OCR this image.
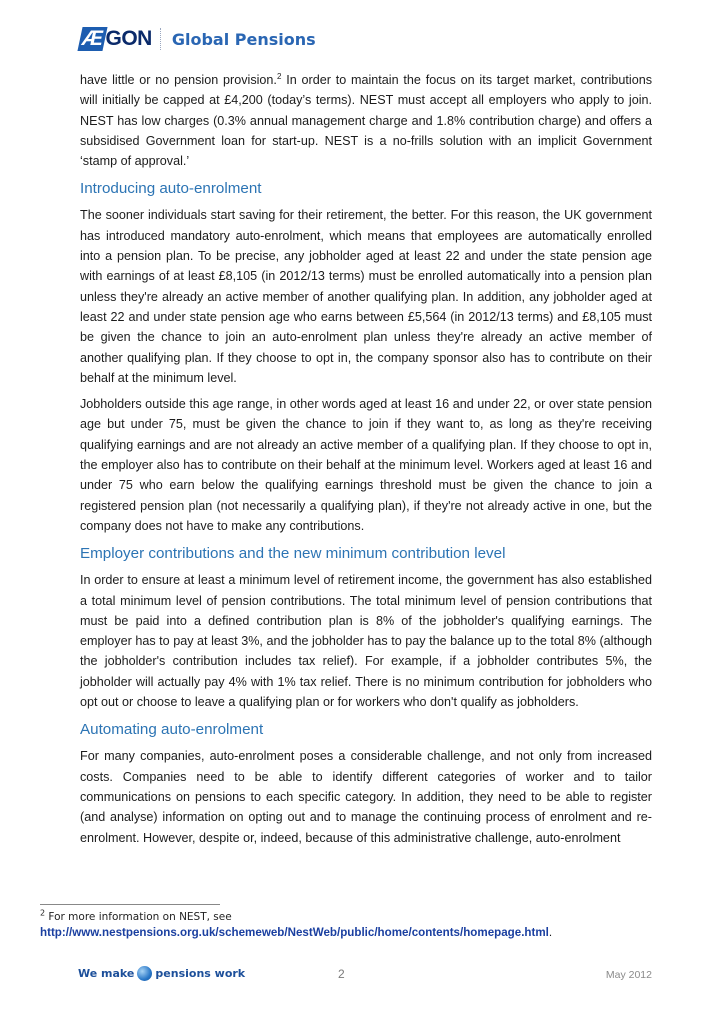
ÆGON Global Pensions

have little or no pension provision.$^2$ In order to maintain the focus on its target market, contributions will initially be capped at £4,200 (today’s terms). NEST must accept all employers who apply to join. NEST has low charges (0.3% annual management charge and 1.8% contribution charge) and offers a subsidised Government loan for start-up. NEST is a no-frills solution with an implicit Government ‘stamp of approval.’

Introducing auto-enrolment

The sooner individuals start saving for their retirement, the better. For this reason, the UK government has introduced mandatory auto-enrolment, which means that employees are automatically enrolled into a pension plan. To be precise, any jobholder aged at least 22 and under the state pension age with earnings of at least £8,105 (in 2012/13 terms) must be enrolled automatically into a pension plan unless they're already an active member of another qualifying plan. In addition, any jobholder aged at least 22 and under state pension age who earns between £5,564 (in 2012/13 terms) and £8,105 must be given the chance to join an auto-enrolment plan unless they're already an active member of another qualifying plan. If they choose to opt in, the company sponsor also has to contribute on their behalf at the minimum level.

Jobholders outside this age range, in other words aged at least 16 and under 22, or over state pension age but under 75, must be given the chance to join if they want to, as long as they're receiving qualifying earnings and are not already an active member of a qualifying plan. If they choose to opt in, the employer also has to contribute on their behalf at the minimum level. Workers aged at least 16 and under 75 who earn below the qualifying earnings threshold must be given the chance to join a registered pension plan (not necessarily a qualifying plan), if they're not already active in one, but the company does not have to make any contributions.

Employer contributions and the new minimum contribution level

In order to ensure at least a minimum level of retirement income, the government has also established a total minimum level of pension contributions. The total minimum level of pension contributions that must be paid into a defined contribution plan is 8% of the jobholder's qualifying earnings. The employer has to pay at least 3%, and the jobholder has to pay the balance up to the total 8% (although the jobholder's contribution includes tax relief). For example, if a jobholder contributes 5%, the jobholder will actually pay 4% with 1% tax relief. There is no minimum contribution for jobholders who opt out or choose to leave a qualifying plan or for workers who don't qualify as jobholders.

Automating auto-enrolment

For many companies, auto-enrolment poses a considerable challenge, and not only from increased costs. Companies need to be able to identify different categories of worker and to tailor communications on pensions to each specific category. In addition, they need to be able to register (and analyse) information on opting out and to manage the continuing process of enrolment and re-enrolment. However, despite or, indeed, because of this administrative challenge, auto-enrolment

$^2$ For more information on NEST, see
http://www.nestpensions.org.uk/schemeweb/NestWeb/public/home/contents/homepage.html.
We make pensions work	2	May 2012
